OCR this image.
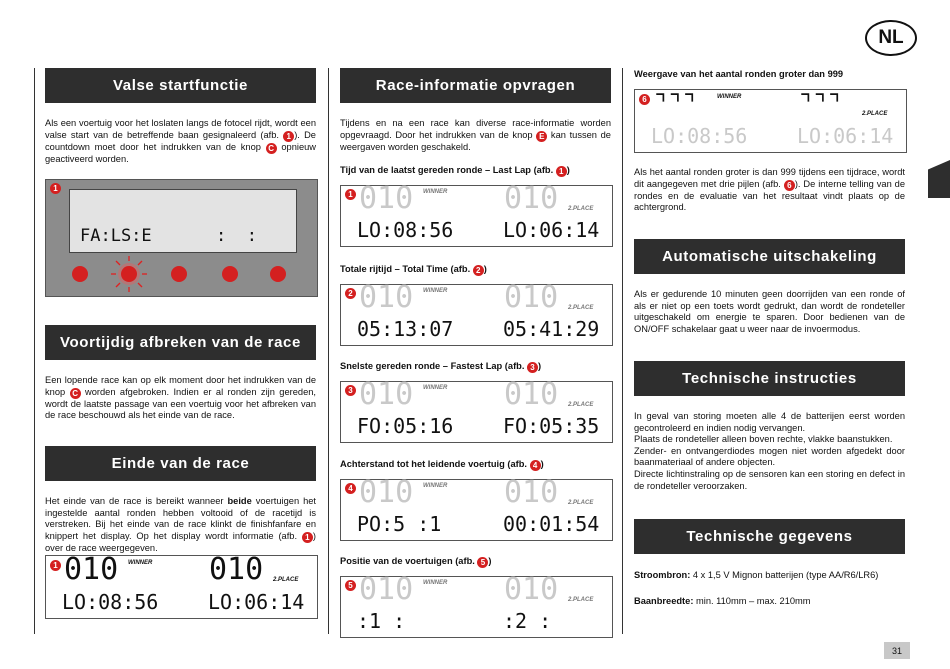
NL
Valse startfunctie

Als een voertuig voor het loslaten langs de fotocel rijdt, wordt een valse start van de betreffende baan gesignaleerd (afb. 1 ). De countdown moet door het indrukken van de knop C opnieuw geactiveerd worden.

1
FA:LS:E	:  :
Voortijdig afbreken van de race

Een lopende race kan op elk moment door het indrukken van de knop C worden afgebroken. Indien er al ronden zijn gereden, wordt de laatste passage van een voertuig voor het afbreken van de race beschouwd als het einde van de race.

Einde van de race

Het einde van de race is bereikt wanneer beide voertuigen het ingestelde aantal ronden hebben voltooid of de racetijd is verstreken. Bij het einde van de race klinkt de finishfanfare en knippert het display. Op het display wordt informatie (afb. 1 ) over de race weergegeven.

1 010 WINNER 010 2.PLACE
LO:08:56 LO:06:14
Race-informatie opvragen

Tijdens en na een race kan diverse race-informatie worden opgevraagd. Door het indrukken van de knop E kan tussen de weergaven worden geschakeld.

Tijd van de laatst gereden ronde – Last Lap (afb. 1 )

1 010 WINNER 010 2.PLACE
LO:08:56 LO:06:14

Totale rijtijd – Total Time (afb. 2 )

2 010 WINNER 010 2.PLACE
05:13:07 05:41:29

Snelste gereden ronde – Fastest Lap (afb. 3 )

3 010 WINNER 010 2.PLACE
FO:05:16 FO:05:35

Achterstand tot het leidende voertuig (afb. 4 )

4 010 WINNER 010 2.PLACE
PO:5 :1	00:01:54

Positie van de voertuigen (afb. 5 )

5 010 WINNER 010 2.PLACE
:1 :	:2 :

Weergave van het aantal ronden groter dan 999

6 ⌝⌝⌝	WINNER ⌝⌝⌝	2.PLACE
LO:08:56 LO:06:14

Als het aantal ronden groter is dan 999 tijdens een tijdrace, wordt dit aangegeven met drie pijlen (afb. 6 ). De interne telling van de rondes en de evaluatie van het resultaat vindt plaats op de achtergrond.

Automatische uitschakeling

Als er gedurende 10 minuten geen doorrijden van een ronde of als er niet op een toets wordt gedrukt, dan wordt de rondeteller uitgeschakeld om energie te sparen. Door bedienen van de ON/OFF schakelaar gaat u weer naar de invoermodus.

Technische instructies

In geval van storing moeten alle 4 de batterijen eerst worden gecontroleerd en indien nodig vervangen.
Plaats de rondeteller alleen boven rechte, vlakke baanstukken.
Zender- en ontvangerdiodes mogen niet worden afgedekt door baanmateriaal of andere objecten.
Directe lichtinstraling op de sensoren kan een storing en defect in de rondeteller veroorzaken.

Technische gegevens

Stroombron: 4 x 1,5 V Mignon batterijen (type AA/R6/LR6)

Baanbreedte: min. 110mm – max. 210mm

31
